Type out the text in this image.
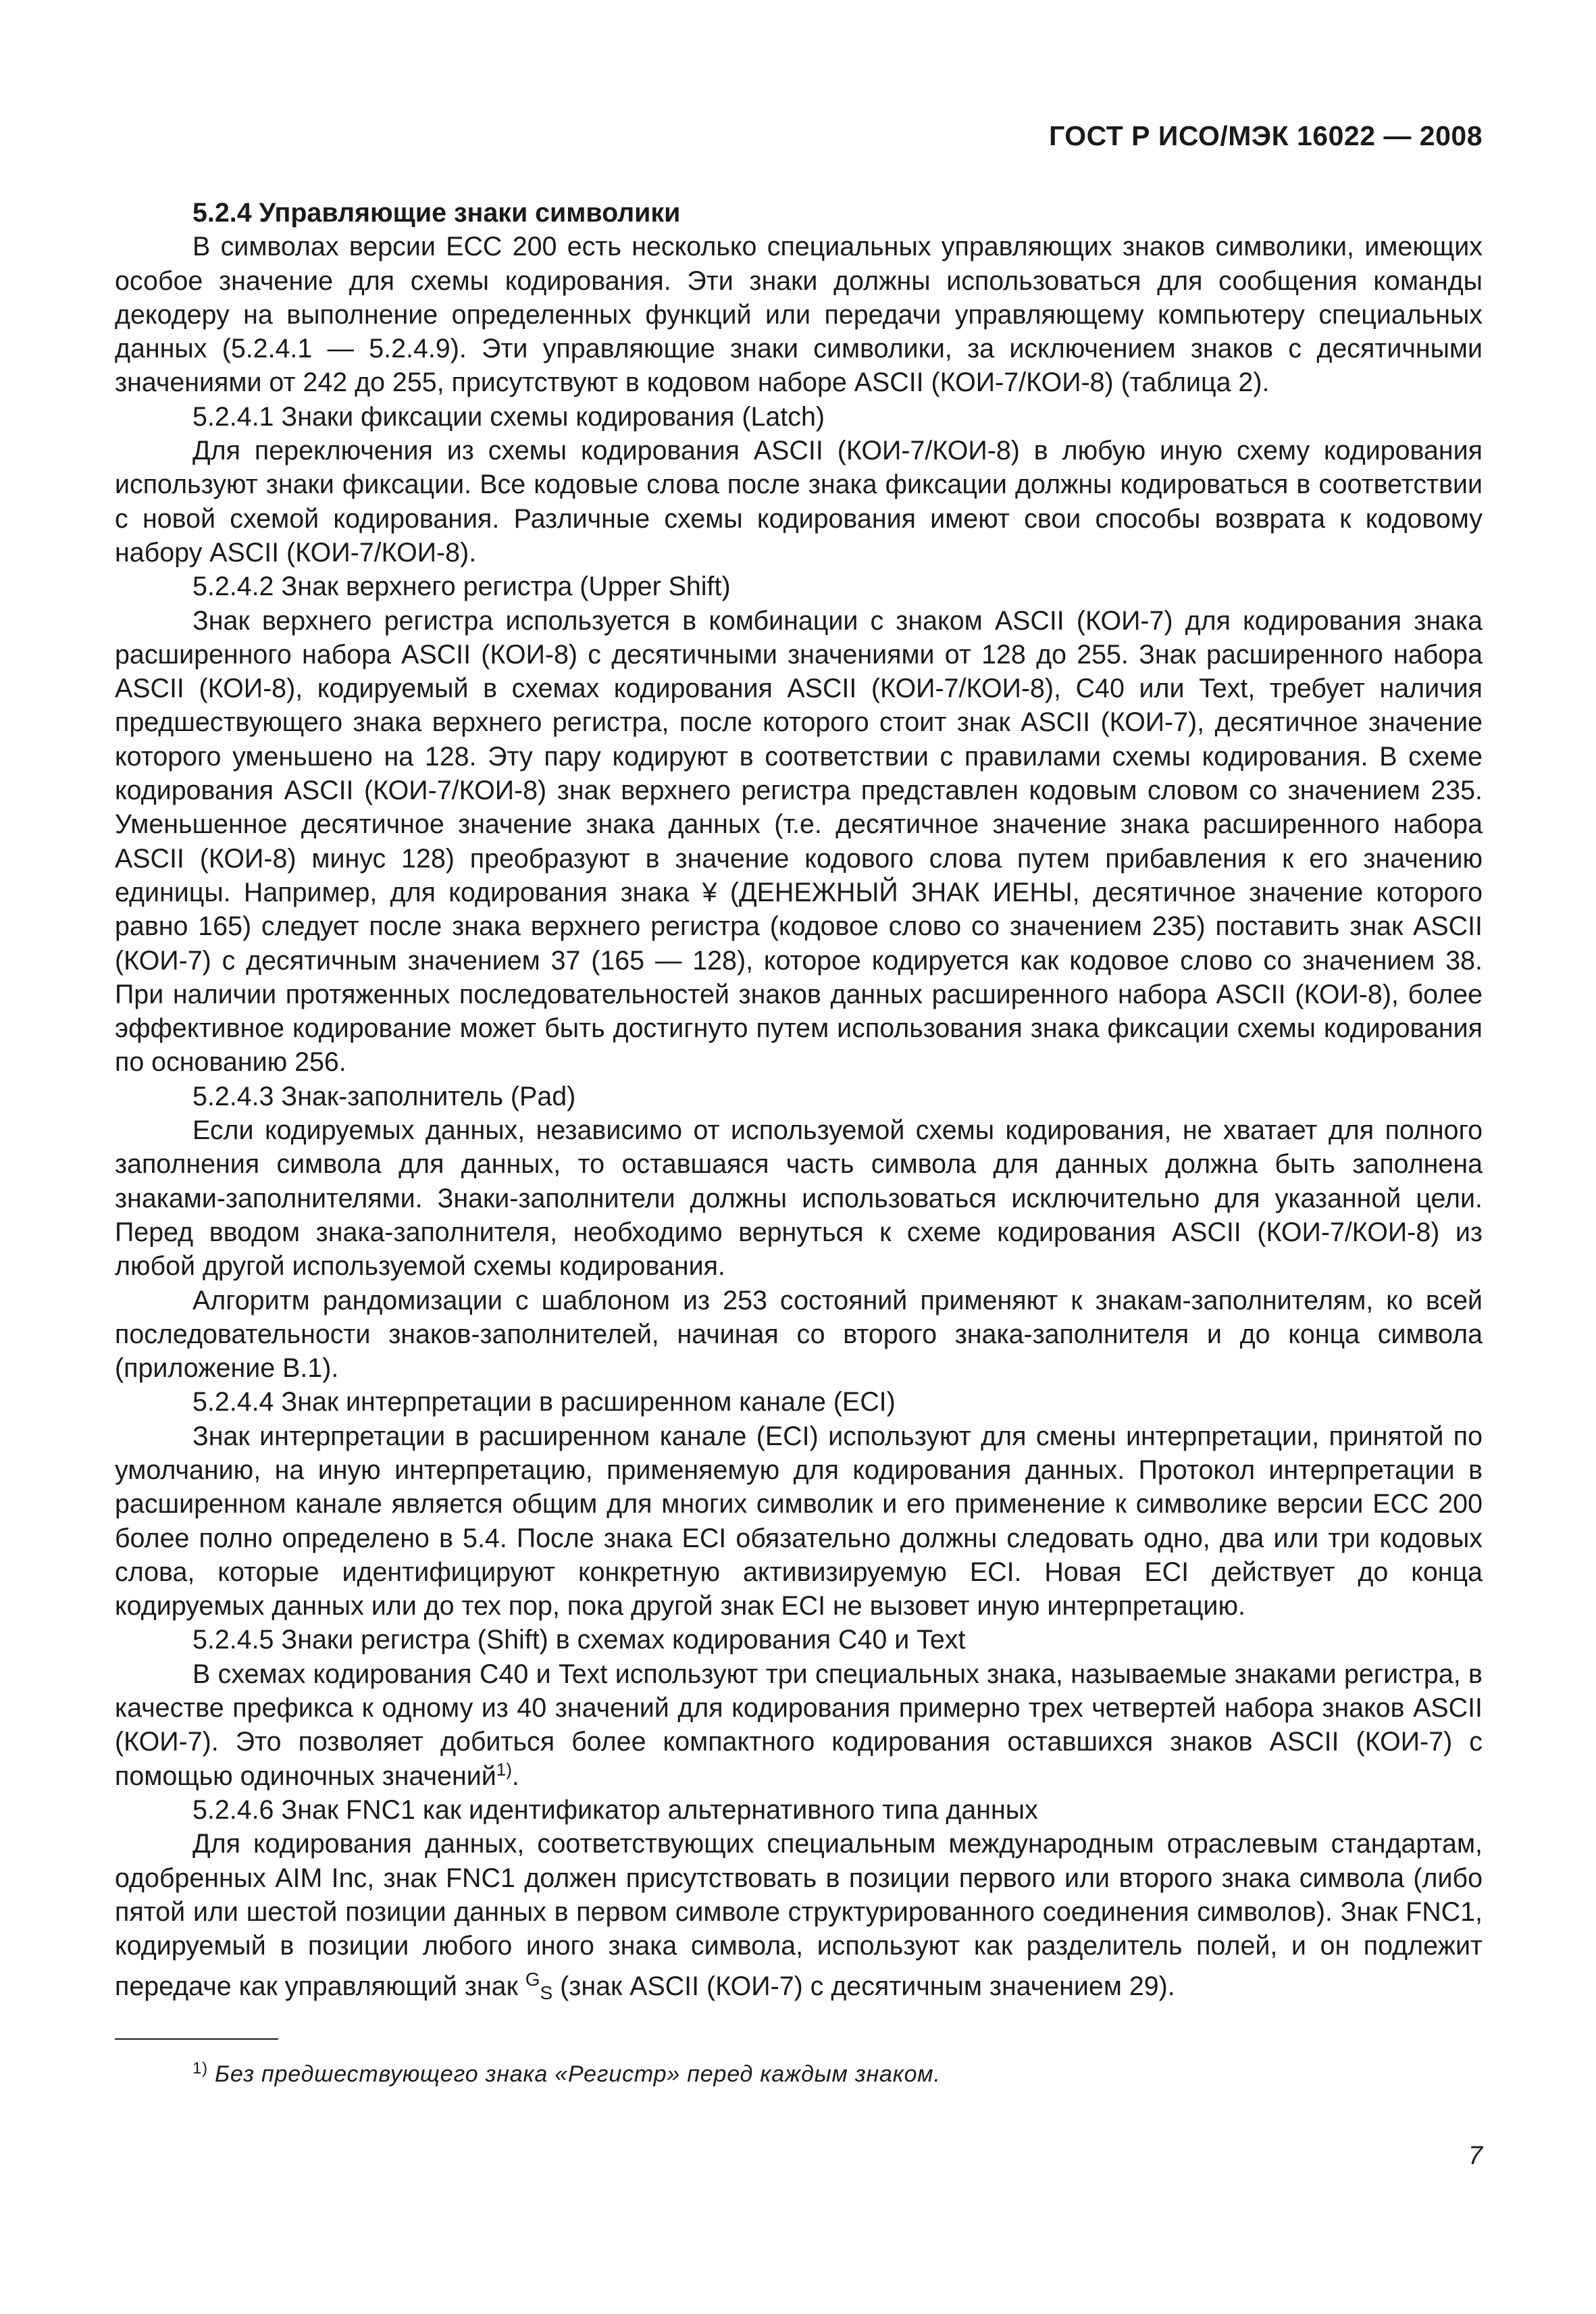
ГОСТ Р ИСО/МЭК 16022 — 2008

5.2.4 Управляющие знаки символики

В символах версии ЕСС 200 есть несколько специальных управляющих знаков символики, имеющих особое значение для схемы кодирования. Эти знаки должны использоваться для сообщения команды декодеру на выполнение определенных функций или передачи управляющему компьютеру специальных данных (5.2.4.1 — 5.2.4.9). Эти управляющие знаки символики, за исключением знаков с десятичными значениями от 242 до 255, присутствуют в кодовом наборе ASCII (КОИ-7/КОИ-8) (таблица 2).

5.2.4.1 Знаки фиксации схемы кодирования (Latch)

Для переключения из схемы кодирования ASCII (КОИ-7/КОИ-8) в любую иную схему кодирования используют знаки фиксации. Все кодовые слова после знака фиксации должны кодироваться в соответствии с новой схемой кодирования. Различные схемы кодирования имеют свои способы возврата к кодовому набору ASCII (КОИ-7/КОИ-8).

5.2.4.2 Знак верхнего регистра (Upper Shift)

Знак верхнего регистра используется в комбинации с знаком ASCII (КОИ-7) для кодирования знака расширенного набора ASCII (КОИ-8) с десятичными значениями от 128 до 255. Знак расширенного набора ASCII (КОИ-8), кодируемый в схемах кодирования ASCII (КОИ-7/КОИ-8), C40 или Text, требует наличия предшествующего знака верхнего регистра, после которого стоит знак ASCII (КОИ-7), десятичное значение которого уменьшено на 128. Эту пару кодируют в соответствии с правилами схемы кодирования. В схеме кодирования ASCII (КОИ-7/КОИ-8) знак верхнего регистра представлен кодовым словом со значением 235. Уменьшенное десятичное значение знака данных (т.е. десятичное значение знака расширенного набора ASCII (КОИ-8) минус 128) преобразуют в значение кодового слова путем прибавления к его значению единицы. Например, для кодирования знака ¥ (ДЕНЕЖНЫЙ ЗНАК ИЕНЫ, десятичное значение которого равно 165) следует после знака верхнего регистра (кодовое слово со значением 235) поставить знак ASCII (КОИ-7) с десятичным значением 37 (165 — 128), которое кодируется как кодовое слово со значением 38. При наличии протяженных последовательностей знаков данных расширенного набора ASCII (КОИ-8), более эффективное кодирование может быть достигнуто путем использования знака фиксации схемы кодирования по основанию 256.

5.2.4.3 Знак-заполнитель (Pad)

Если кодируемых данных, независимо от используемой схемы кодирования, не хватает для полного заполнения символа для данных, то оставшаяся часть символа для данных должна быть заполнена знаками-заполнителями. Знаки-заполнители должны использоваться исключительно для указанной цели. Перед вводом знака-заполнителя, необходимо вернуться к схеме кодирования ASCII (КОИ-7/КОИ-8) из любой другой используемой схемы кодирования.

Алгоритм рандомизации с шаблоном из 253 состояний применяют к знакам-заполнителям, ко всей последовательности знаков-заполнителей, начиная со второго знака-заполнителя и до конца символа (приложение В.1).

5.2.4.4 Знак интерпретации в расширенном канале (ECI)

Знак интерпретации в расширенном канале (ECI) используют для смены интерпретации, принятой по умолчанию, на иную интерпретацию, применяемую для кодирования данных. Протокол интерпретации в расширенном канале является общим для многих символик и его применение к символике версии ЕСС 200 более полно определено в 5.4. После знака ECI обязательно должны следовать одно, два или три кодовых слова, которые идентифицируют конкретную активизируемую ECI. Новая ECI действует до конца кодируемых данных или до тех пор, пока другой знак ECI не вызовет иную интерпретацию.

5.2.4.5 Знаки регистра (Shift) в схемах кодирования C40 и Text

В схемах кодирования C40 и Text используют три специальных знака, называемые знаками регистра, в качестве префикса к одному из 40 значений для кодирования примерно трех четвертей набора знаков ASCII (КОИ-7). Это позволяет добиться более компактного кодирования оставшихся знаков ASCII (КОИ-7) с помощью одиночных значений$^{1)}$.

5.2.4.6 Знак FNC1 как идентификатор альтернативного типа данных

Для кодирования данных, соответствующих специальным международным отраслевым стандартам, одобренных AIM Inc, знак FNC1 должен присутствовать в позиции первого или второго знака символа (либо пятой или шестой позиции данных в первом символе структурированного соединения символов). Знак FNC1, кодируемый в позиции любого иного знака символа, используют как разделитель полей, и он подлежит передаче как управляющий знак GS (знак ASCII (КОИ-7) с десятичным значением 29).

$^{1)}$ Без предшествующего знака «Регистр» перед каждым знаком.
7
